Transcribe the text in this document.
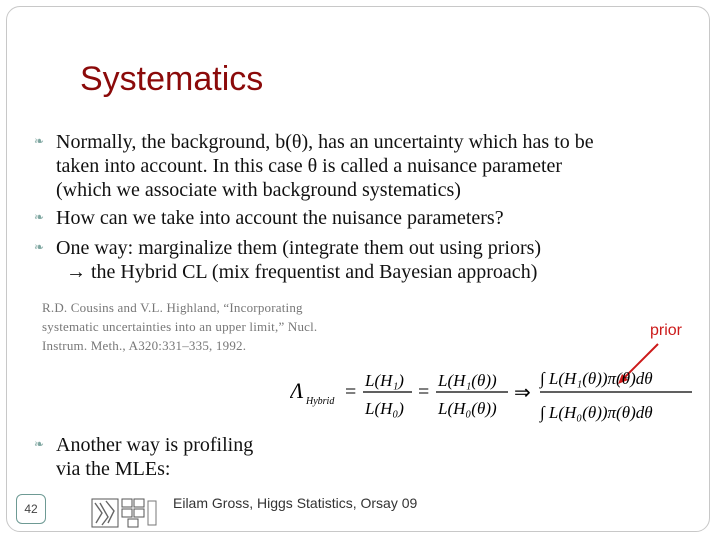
Systematics
❧ Normally, the background, b(θ), has an uncertainty which has to be
taken into account. In this case θ is called a nuisance parameter
(which we associate with background systematics)
❧ How can we take into account the nuisance parameters?
❧ One way: marginalize them (integrate them out using priors)
→ the Hybrid CL (mix frequentist and Bayesian approach)
R.D. Cousins and V.L. Highland, “Incorporating
systematic uncertainties into an upper limit,” Nucl.
Instrum. Meth., A320:331–335, 1992.
prior
Λ Hybrid =
L(H₁)
L(H₀)
=
L(H₁(θ))
L(H₀(θ))
⇒
∫ L(H₁(θ))π(θ)dθ
∫ L(H₀(θ))π(θ)dθ
❧ Another way is profiling
via the MLEs:
42	Eilam Gross, Higgs Statistics, Orsay 09
